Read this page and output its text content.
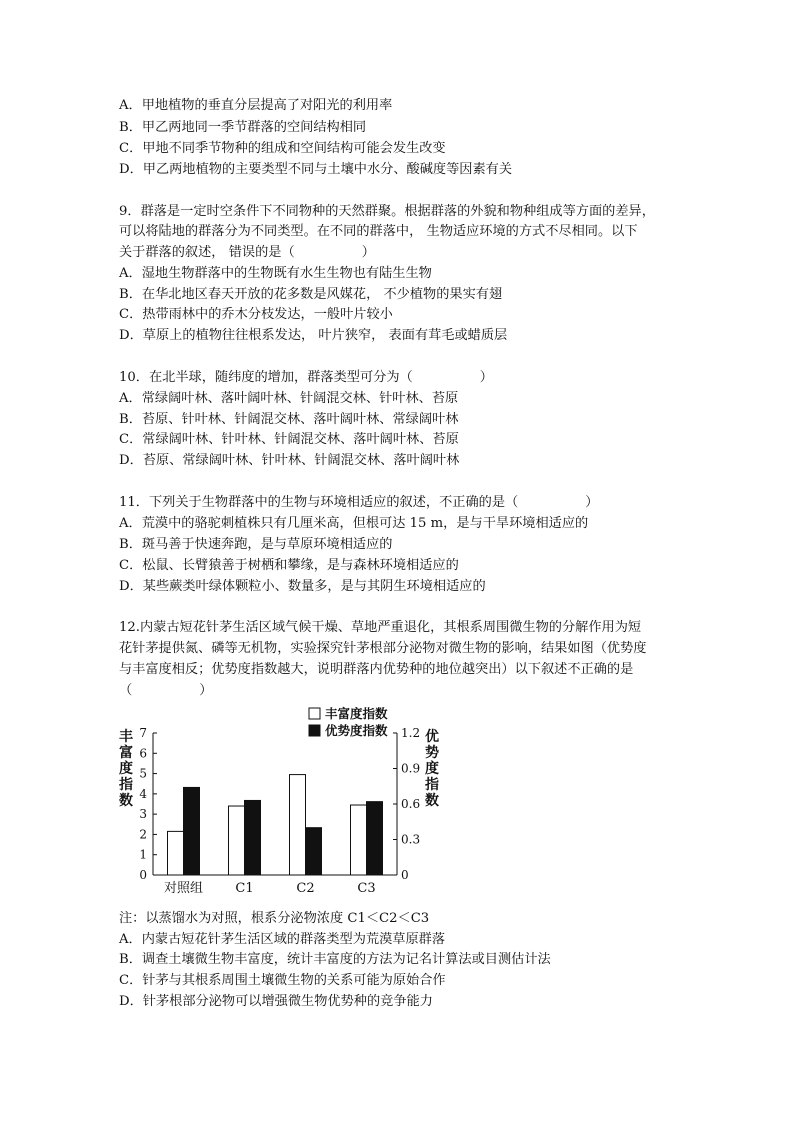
A．甲地植物的垂直分层提高了对阳光的利用率
B．甲乙两地同一季节群落的空间结构相同
C．甲地不同季节物种的组成和空间结构可能会发生改变
D．甲乙两地植物的主要类型不同与土壤中水分、酸碱度等因素有关
9．群落是一定时空条件下不同物种的天然群聚。根据群落的外貌和物种组成等方面的差异，
可以将陆地的群落分为不同类型。在不同的群落中， 生物适应环境的方式不尽相同。以下
关于群落的叙述， 错误的是（                ）
A．湿地生物群落中的生物既有水生生物也有陆生生物
B．在华北地区春天开放的花多数是风媒花， 不少植物的果实有翅
C．热带雨林中的乔木分枝发达，一般叶片较小
D．草原上的植物往往根系发达， 叶片狭窄， 表面有茸毛或蜡质层
10．在北半球，随纬度的增加，群落类型可分为（                ）
A．常绿阔叶林、落叶阔叶林、针阔混交林、针叶林、苔原
B．苔原、针叶林、针阔混交林、落叶阔叶林、常绿阔叶林
C．常绿阔叶林、针叶林、针阔混交林、落叶阔叶林、苔原
D．苔原、常绿阔叶林、针叶林、针阔混交林、落叶阔叶林
11．下列关于生物群落中的生物与环境相适应的叙述，不正确的是（                ）
A．荒漠中的骆驼刺植株只有几厘米高，但根可达 15 m，是与干旱环境相适应的
B．斑马善于快速奔跑，是与草原环境相适应的
C．松鼠、长臂猿善于树栖和攀缘，是与森林环境相适应的
D．某些蕨类叶绿体颗粒小、数量多，是与其阴生环境相适应的
12.内蒙古短花针茅生活区域气候干燥、草地严重退化，其根系周围微生物的分解作用为短
花针茅提供氮、磷等无机物，实验探究针茅根部分泌物对微生物的影响，结果如图（优势度
与丰富度相反；优势度指数越大，说明群落内优势种的地位越突出）以下叙述不正确的是
（                ）
0
1
2
3
4
5
6
7
0
0.3
0.6
0.9
1.2
丰富度指数
优势度指数
对照组 C1	C2	C3
丰富度指数
优势度指数
注：以蒸馏水为对照，根系分泌物浓度 C1＜C2＜C3
A．内蒙古短花针茅生活区域的群落类型为荒漠草原群落
B．调查土壤微生物丰富度，统计丰富度的方法为记名计算法或目测估计法
C．针茅与其根系周围土壤微生物的关系可能为原始合作
D．针茅根部分泌物可以增强微生物优势种的竞争能力
